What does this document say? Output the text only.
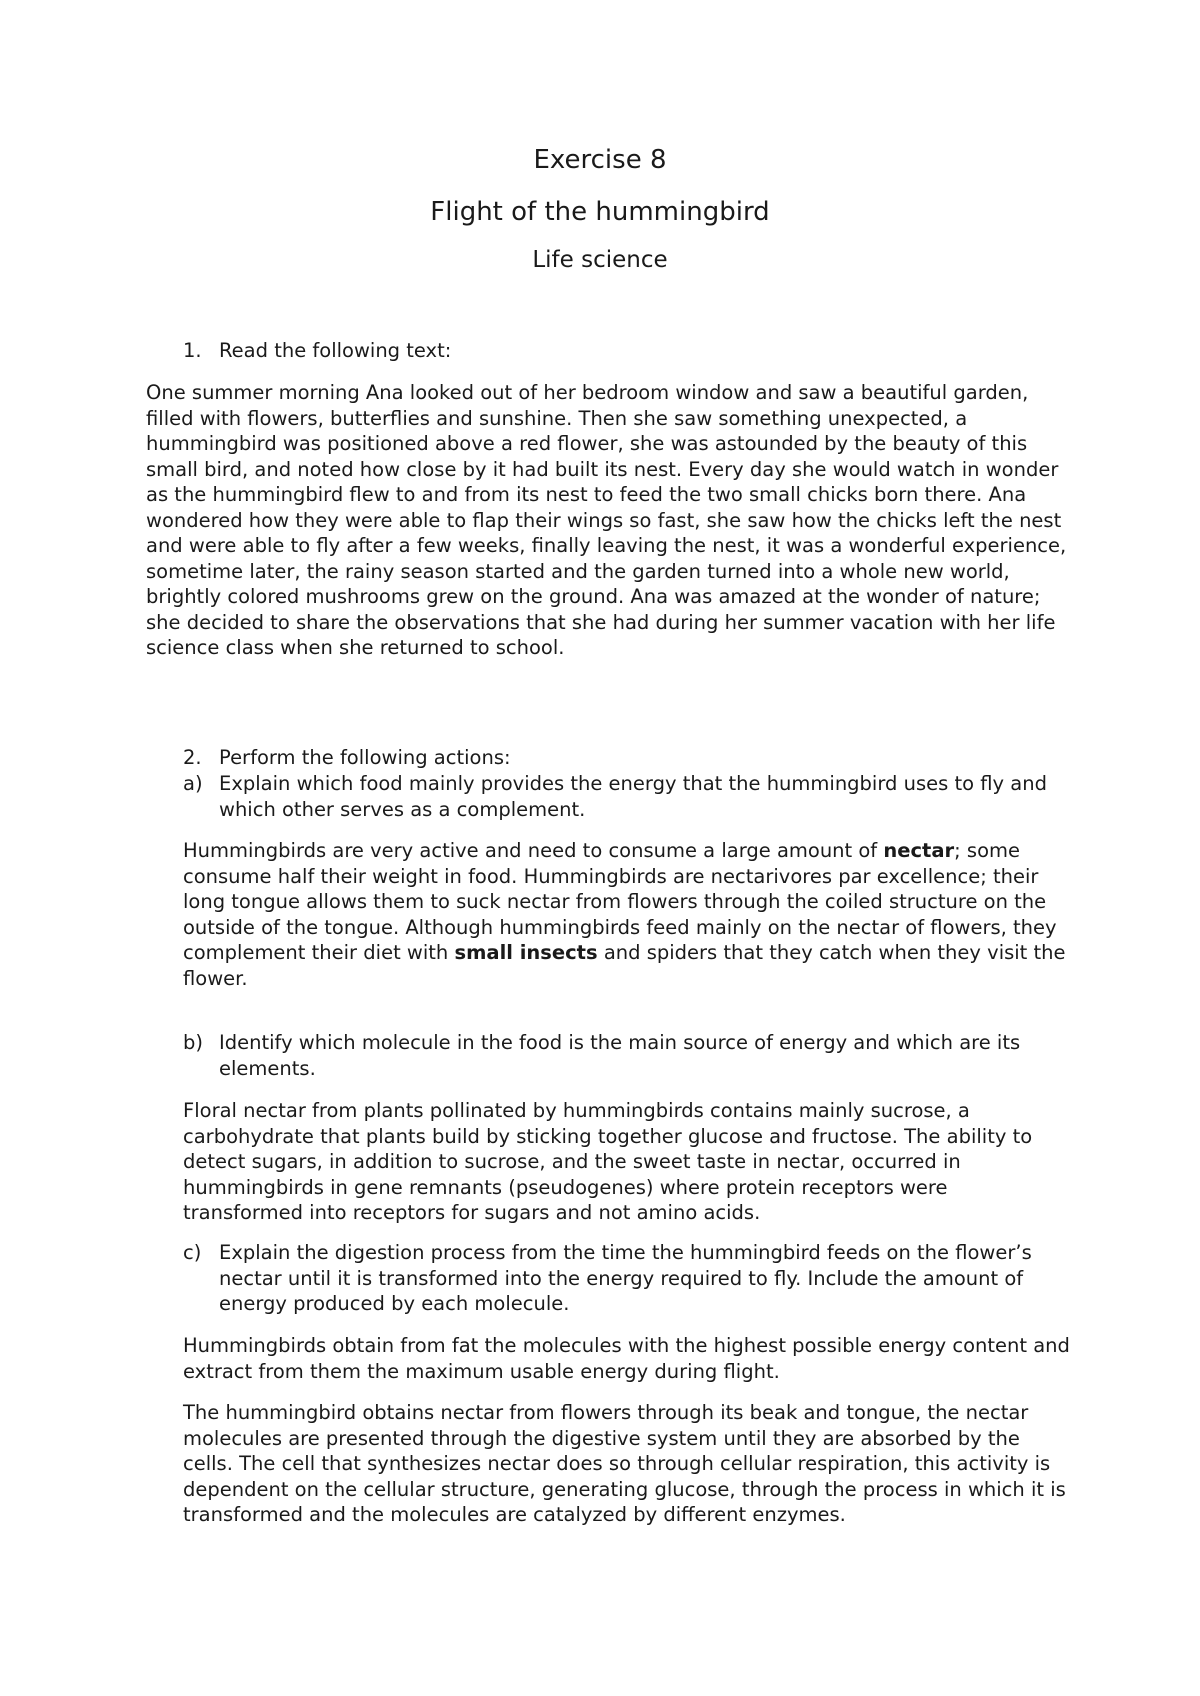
Exercise 8
Flight of the hummingbird
Life science
1. Read the following text:

One summer morning Ana looked out of her bedroom window and saw a beautiful garden, filled with flowers, butterflies and sunshine. Then she saw something unexpected, a hummingbird was positioned above a red flower, she was astounded by the beauty of this small bird, and noted how close by it had built its nest. Every day she would watch in wonder as the hummingbird flew to and from its nest to feed the two small chicks born there. Ana wondered how they were able to flap their wings so fast, she saw how the chicks left the nest and were able to fly after a few weeks, finally leaving the nest, it was a wonderful experience, sometime later, the rainy season started and the garden turned into a whole new world, brightly colored mushrooms grew on the ground. Ana was amazed at the wonder of nature; she decided to share the observations that she had during her summer vacation with her life science class when she returned to school.

2. Perform the following actions:
a) Explain which food mainly provides the energy that the hummingbird uses to fly and which other serves as a complement.

Hummingbirds are very active and need to consume a large amount of nectar; some consume half their weight in food. Hummingbirds are nectarivores par excellence; their long tongue allows them to suck nectar from flowers through the coiled structure on the outside of the tongue. Although hummingbirds feed mainly on the nectar of flowers, they complement their diet with small insects and spiders that they catch when they visit the flower.

b) Identify which molecule in the food is the main source of energy and which are its elements.

Floral nectar from plants pollinated by hummingbirds contains mainly sucrose, a carbohydrate that plants build by sticking together glucose and fructose. The ability to detect sugars, in addition to sucrose, and the sweet taste in nectar, occurred in hummingbirds in gene remnants (pseudogenes) where protein receptors were transformed into receptors for sugars and not amino acids.

c) Explain the digestion process from the time the hummingbird feeds on the flower’s nectar until it is transformed into the energy required to fly. Include the amount of energy produced by each molecule.

Hummingbirds obtain from fat the molecules with the highest possible energy content and extract from them the maximum usable energy during flight.

The hummingbird obtains nectar from flowers through its beak and tongue, the nectar molecules are presented through the digestive system until they are absorbed by the cells. The cell that synthesizes nectar does so through cellular respiration, this activity is dependent on the cellular structure, generating glucose, through the process in which it is transformed and the molecules are catalyzed by different enzymes.
